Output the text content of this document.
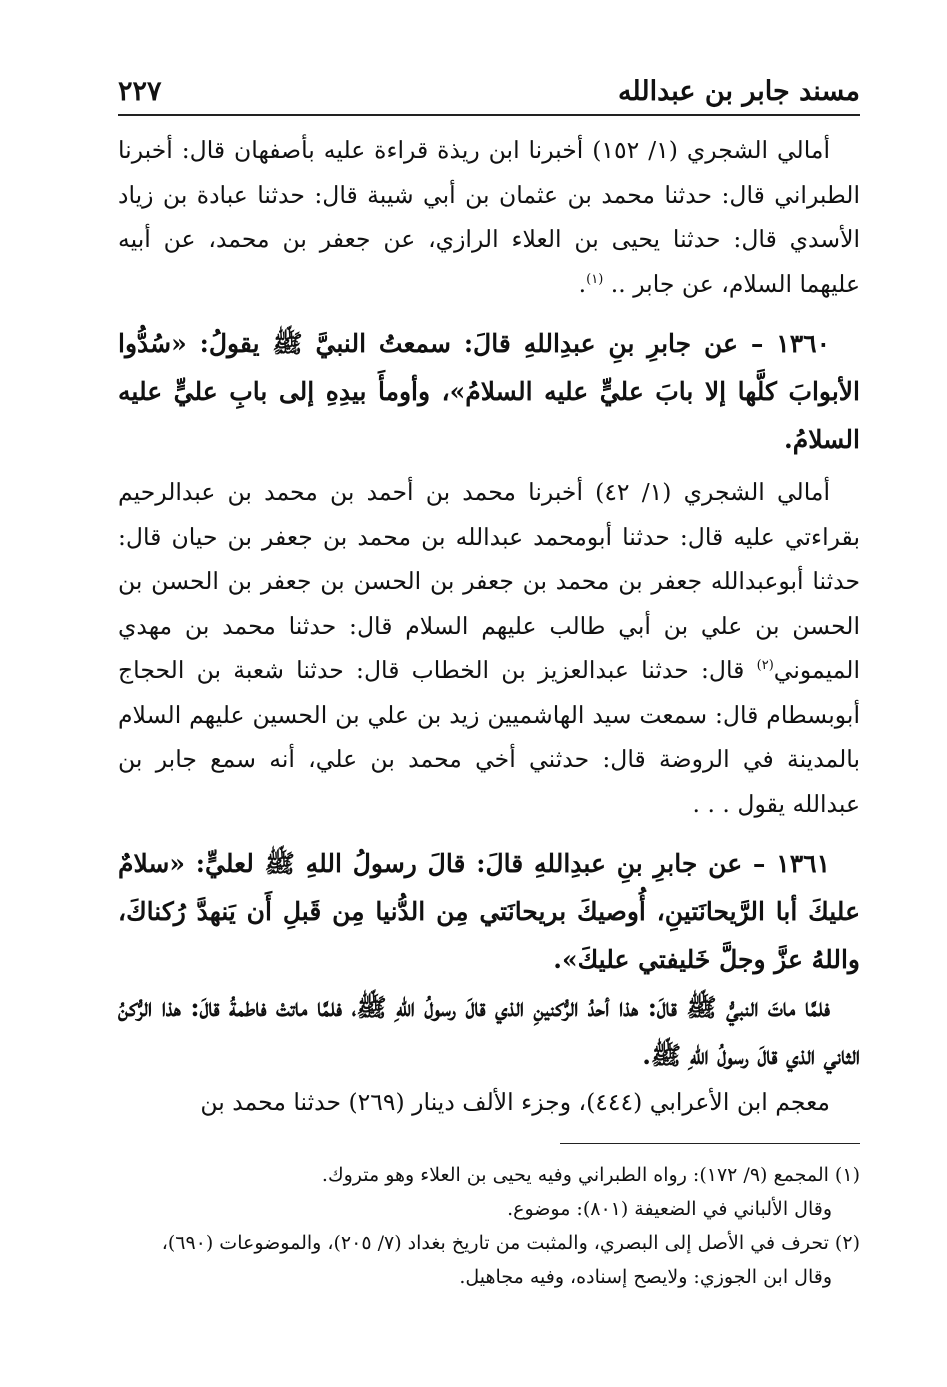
مسند جابر بن عبدالله
٢٢٧

أمالي الشجري (١/ ١٥٢) أخبرنا ابن ريذة قراءة عليه بأصفهان قال: أخبرنا الطبراني قال: حدثنا محمد بن عثمان بن أبي شيبة قال: حدثنا عبادة بن زياد الأسدي قال: حدثنا يحيى بن العلاء الرازي، عن جعفر بن محمد، عن أبيه عليهما السلام، عن جابر .. $^{(١)}$.

١٣٦٠ – عن جابرِ بنِ عبدِاللهِ قالَ: سمعتُ النبيَّ ﷺ يقولُ: «سُدُّوا الأبوابَ كلَّها إلا بابَ عليٍّ عليه السلامُ»، وأومأَ بيدِهِ إلى بابِ عليٍّ عليه السلامُ.

أمالي الشجري (١/ ٤٢) أخبرنا محمد بن أحمد بن محمد بن عبدالرحيم بقراءتي عليه قال: حدثنا أبومحمد عبدالله بن محمد بن جعفر بن حيان قال: حدثنا أبوعبدالله جعفر بن محمد بن جعفر بن الحسن بن جعفر بن الحسن بن الحسن بن علي بن أبي طالب عليهم السلام قال: حدثنا محمد بن مهدي الميموني$^{(٢)}$ قال: حدثنا عبدالعزيز بن الخطاب قال: حدثنا شعبة بن الحجاج أبوبسطام قال: سمعت سيد الهاشميين زيد بن علي بن الحسين عليهم السلام بالمدينة في الروضة قال: حدثني أخي محمد بن علي، أنه سمع جابر بن عبدالله يقول . . .

١٣٦١ – عن جابرِ بنِ عبدِاللهِ قالَ: قالَ رسولُ اللهِ ﷺ لعليٍّ: «سلامٌ عليكَ أبا الرَّيحانَتينِ، أُوصيكَ بريحانَتي مِن الدُّنيا مِن قَبلِ أَن يَنهدَّ رُكناكَ، واللهُ عزَّ وجلَّ خَليفتي عليكَ».

فلمَّا ماتَ النبيُّ ﷺ قالَ: هذا أحدُ الرُّكنينِ الذي قالَ رسولُ اللهِ ﷺ، فلمَّا ماتتْ فاطمةُ قالَ: هذا الرُّكنُ الثاني الذي قالَ رسولُ اللهِ ﷺ.

معجم ابن الأعرابي (٤٤٤)، وجزء الألف دينار (٢٦٩) حدثنا محمد بن

(١) المجمع (٩/ ١٧٢): رواه الطبراني وفيه يحيى بن العلاء وهو متروك.

وقال الألباني في الضعيفة (٨٠١): موضوع.

(٢) تحرف في الأصل إلى البصري، والمثبت من تاريخ بغداد (٧/ ٢٠٥)، والموضوعات (٦٩٠)،

وقال ابن الجوزي: ولايصح إسناده، وفيه مجاهيل.
